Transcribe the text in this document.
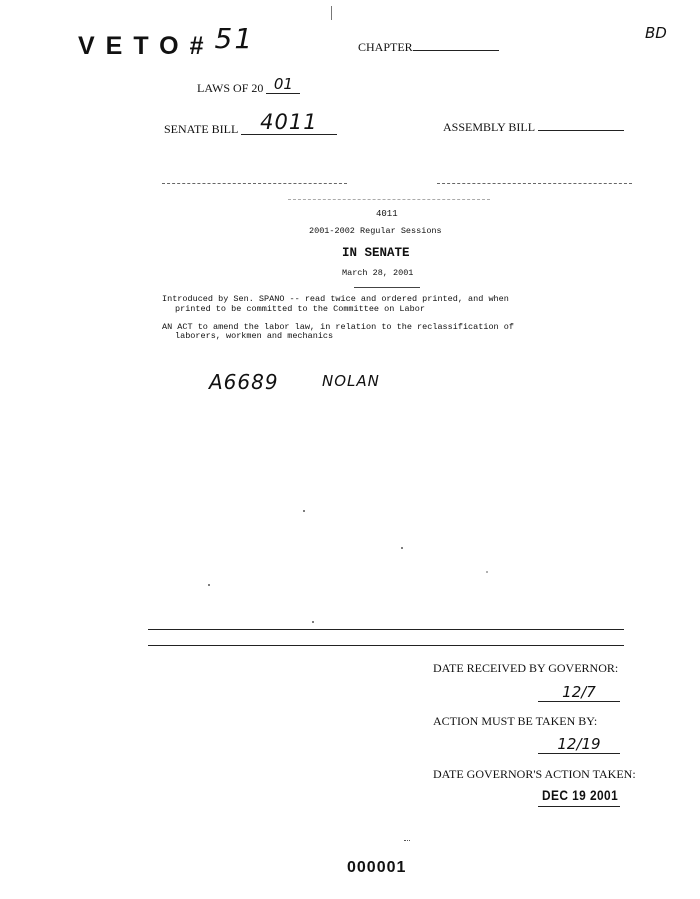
VETO#51	BD
CHAPTER
LAWS OF 20 01
SENATE BILL 4011	ASSEMBLY BILL
4011
2001-2002 Regular Sessions
IN SENATE
March 28, 2001
Introduced by Sen. SPANO -- read twice and ordered printed, and when
printed to be committed to the Committee on Labor
AN ACT to amend the labor law, in relation to the reclassification of
laborers, workmen and mechanics
A6689	NOLAN
DATE RECEIVED BY GOVERNOR:
12/7
ACTION MUST BE TAKEN BY:
12/19
DATE GOVERNOR'S ACTION TAKEN:
DEC 19 2001
000001
